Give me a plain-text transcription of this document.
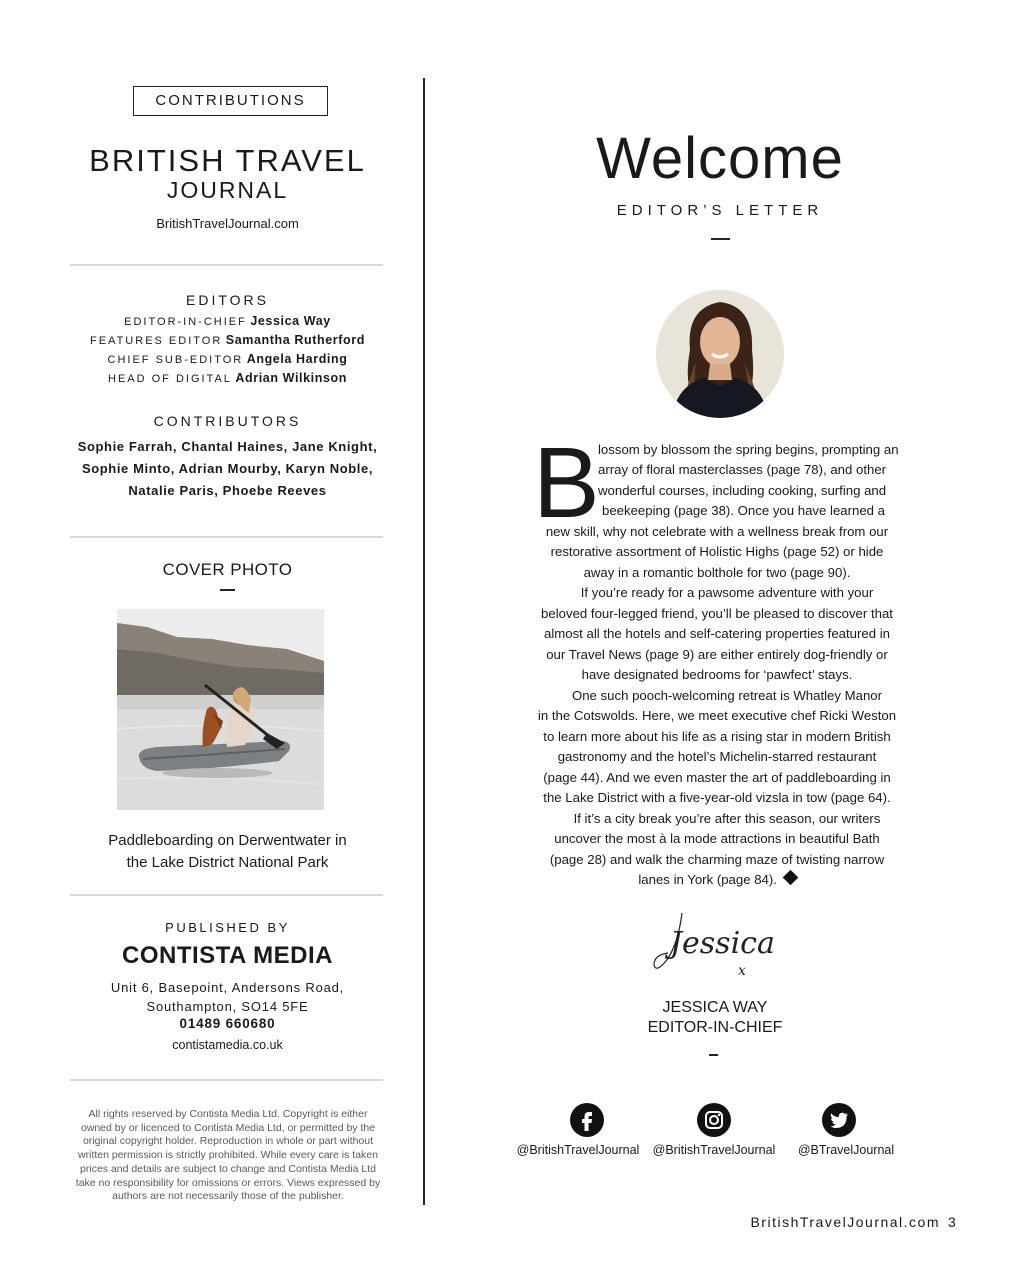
CONTRIBUTIONS
BRITISH TRAVEL
JOURNAL
BritishTravelJournal.com
EDITORS
EDITOR-IN-CHIEF Jessica Way
FEATURES EDITOR Samantha Rutherford
CHIEF SUB-EDITOR Angela Harding
HEAD OF DIGITAL Adrian Wilkinson
CONTRIBUTORS
Sophie Farrah, Chantal Haines, Jane Knight,
Sophie Minto, Adrian Mourby, Karyn Noble,
Natalie Paris, Phoebe Reeves
COVER PHOTO
Paddleboarding on Derwentwater in
the Lake District National Park
PUBLISHED BY
CONTISTA MEDIA
Unit 6, Basepoint, Andersons Road,
Southampton, SO14 5FE
01489 660680
contistamedia.co.uk
All rights reserved by Contista Media Ltd. Copyright is either
owned by or licenced to Contista Media Ltd, or permitted by the
original copyright holder. Reproduction in whole or part without
written permission is strictly prohibited. While every care is taken
prices and details are subject to change and Contista Media Ltd
take no responsibility for omissions or errors. Views expressed by
authors are not necessarily those of the publisher.
Welcome
EDITOR’S LETTER
B
lossom by blossom the spring begins, prompting an
array of floral masterclasses (page 78), and other
wonderful courses, including cooking, surfing and
beekeeping (page 38). Once you have learned a
new skill, why not celebrate with a wellness break from our
restorative assortment of Holistic Highs (page 52) or hide
away in a romantic bolthole for two (page 90).
If you’re ready for a pawsome adventure with your
beloved four-legged friend, you’ll be pleased to discover that
almost all the hotels and self-catering properties featured in
our Travel News (page 9) are either entirely dog-friendly or
have designated bedrooms for ‘pawfect’ stays.
One such pooch-welcoming retreat is Whatley Manor
in the Cotswolds. Here, we meet executive chef Ricki Weston
to learn more about his life as a rising star in modern British
gastronomy and the hotel’s Michelin-starred restaurant
(page 44). And we even master the art of paddleboarding in
the Lake District with a five-year-old vizsla in tow (page 64).
If it’s a city break you’re after this season, our writers
uncover the most à la mode attractions in beautiful Bath
(page 28) and walk the charming maze of twisting narrow
lanes in York (page 84).
Jessica
x
JESSICA WAY
EDITOR-IN-CHIEF
@BritishTravelJournal	@BritishTravelJournal	@BTravelJournal
BritishTravelJournal.com 3
